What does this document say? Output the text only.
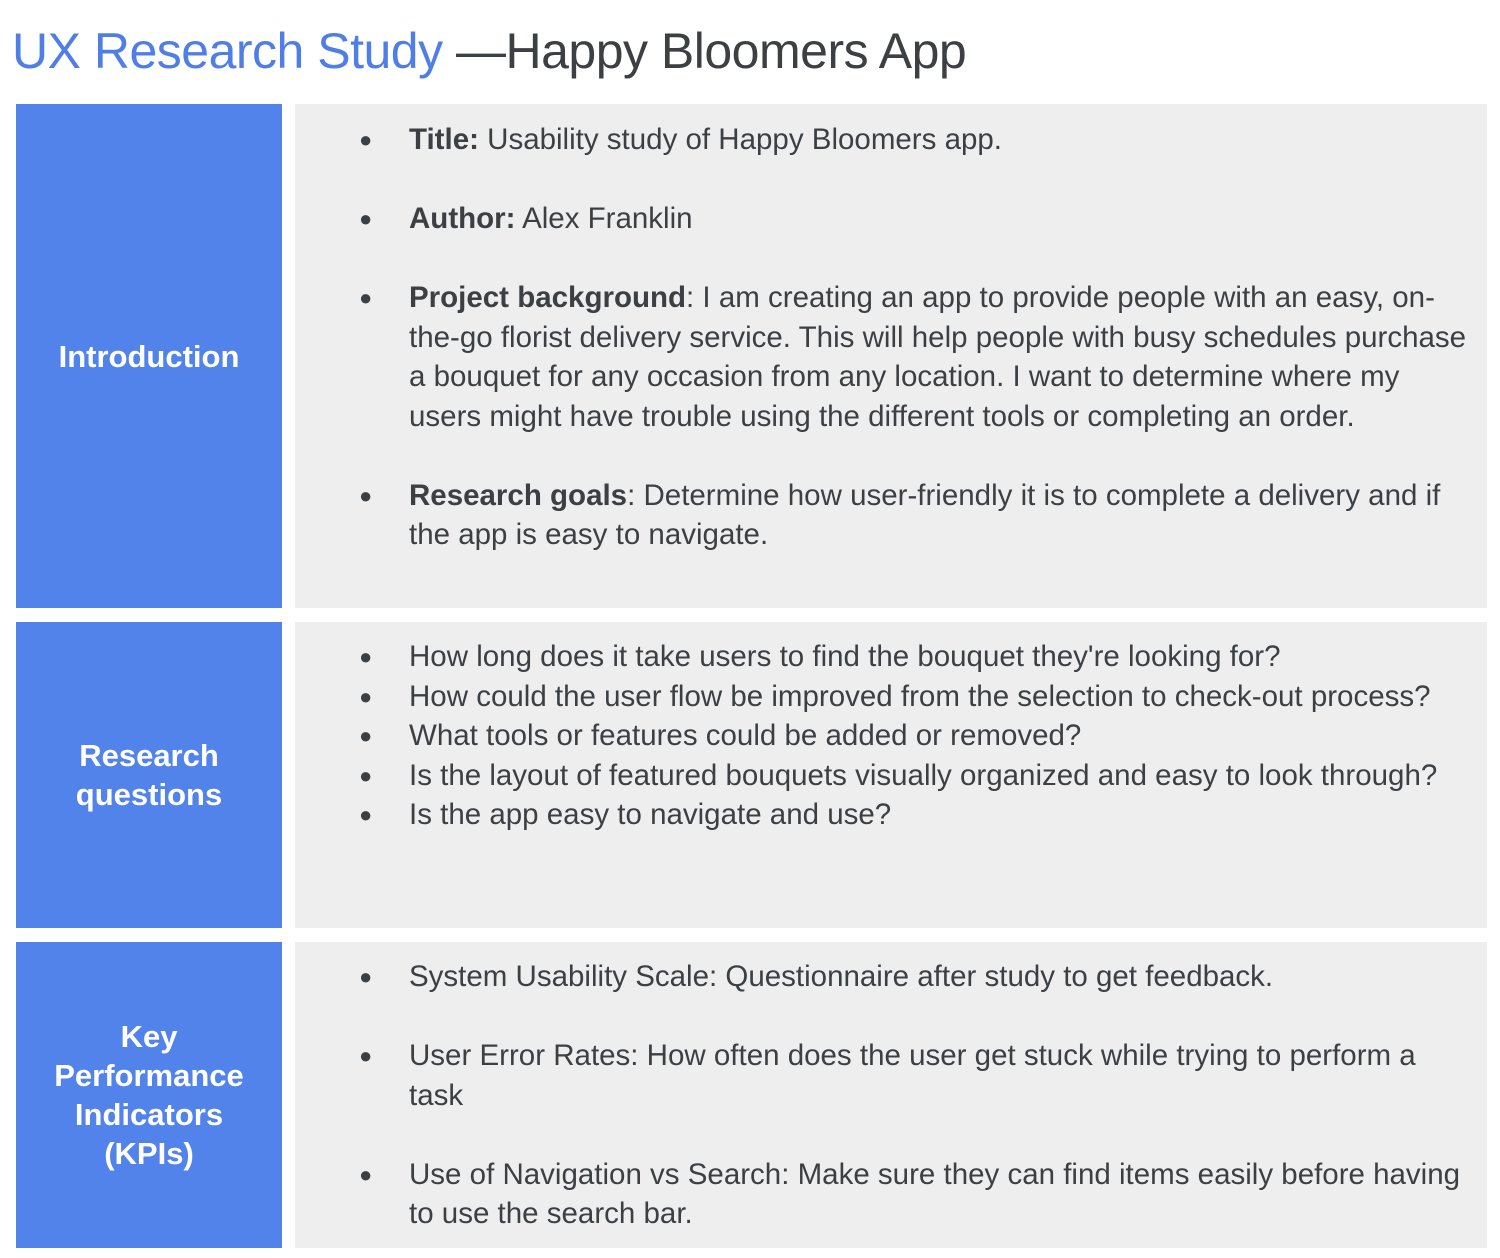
UX Research Study —Happy Bloomers App
Introduction
● Title: Usability study of Happy Bloomers app.
● Author: Alex Franklin
● Project background: I am creating an app to provide people with an easy, on-the-go florist delivery service. This will help people with busy schedules purchase a bouquet for any occasion from any location. I want to determine where my users might have trouble using the different tools or completing an order.
● Research goals: Determine how user-friendly it is to complete a delivery and if the app is easy to navigate.
Research
questions
● How long does it take users to find the bouquet they're looking for?
● How could the user flow be improved from the selection to check-out process?
● What tools or features could be added or removed?
● Is the layout of featured bouquets visually organized and easy to look through?
● Is the app easy to navigate and use?
Key
Performance
Indicators
(KPIs)
● System Usability Scale: Questionnaire after study to get feedback.
● User Error Rates: How often does the user get stuck while trying to perform a task
● Use of Navigation vs Search: Make sure they can find items easily before having to use the search bar.
